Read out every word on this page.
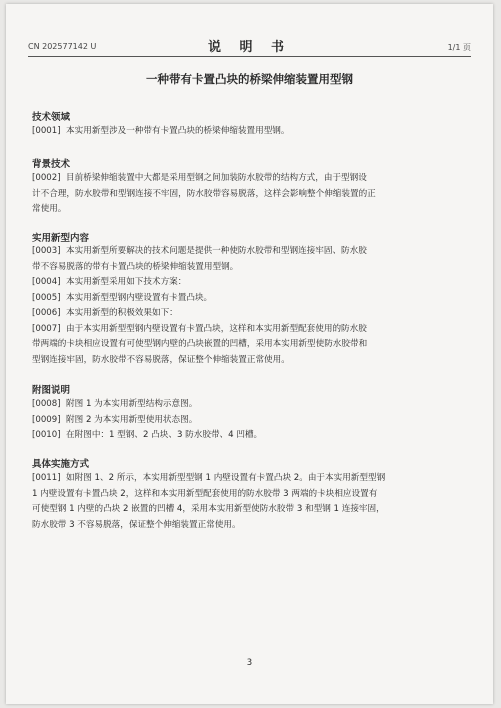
CN 202577142 U	说 明 书	1/1 页
一种带有卡置凸块的桥梁伸缩装置用型钢
技术领域
[0001] 本实用新型涉及一种带有卡置凸块的桥梁伸缩装置用型钢。
背景技术
[0002] 目前桥梁伸缩装置中大都是采用型钢之间加装防水胶带的结构方式，由于型钢设
计不合理，防水胶带和型钢连接不牢固，防水胶带容易脱落，这样会影响整个伸缩装置的正
常使用。
实用新型内容
[0003] 本实用新型所要解决的技术问题是提供一种使防水胶带和型钢连接牢固、防水胶
带不容易脱落的带有卡置凸块的桥梁伸缩装置用型钢。
[0004] 本实用新型采用如下技术方案：
[0005] 本实用新型型钢内壁设置有卡置凸块。
[0006] 本实用新型的积极效果如下：
[0007] 由于本实用新型型钢内壁设置有卡置凸块，这样和本实用新型配套使用的防水胶
带两端的卡块相应设置有可使型钢内壁的凸块嵌置的凹槽，采用本实用新型使防水胶带和
型钢连接牢固，防水胶带不容易脱落，保证整个伸缩装置正常使用。
附图说明
[0008] 附图 1 为本实用新型结构示意图。
[0009] 附图 2 为本实用新型使用状态图。
[0010] 在附图中：1 型钢、2 凸块、3 防水胶带、4 凹槽。
具体实施方式
[0011] 如附图 1、2 所示，本实用新型型钢 1 内壁设置有卡置凸块 2。由于本实用新型型钢
1 内壁设置有卡置凸块 2，这样和本实用新型配套使用的防水胶带 3 两端的卡块相应设置有
可使型钢 1 内壁的凸块 2 嵌置的凹槽 4，采用本实用新型使防水胶带 3 和型钢 1 连接牢固，
防水胶带 3 不容易脱落，保证整个伸缩装置正常使用。
3
